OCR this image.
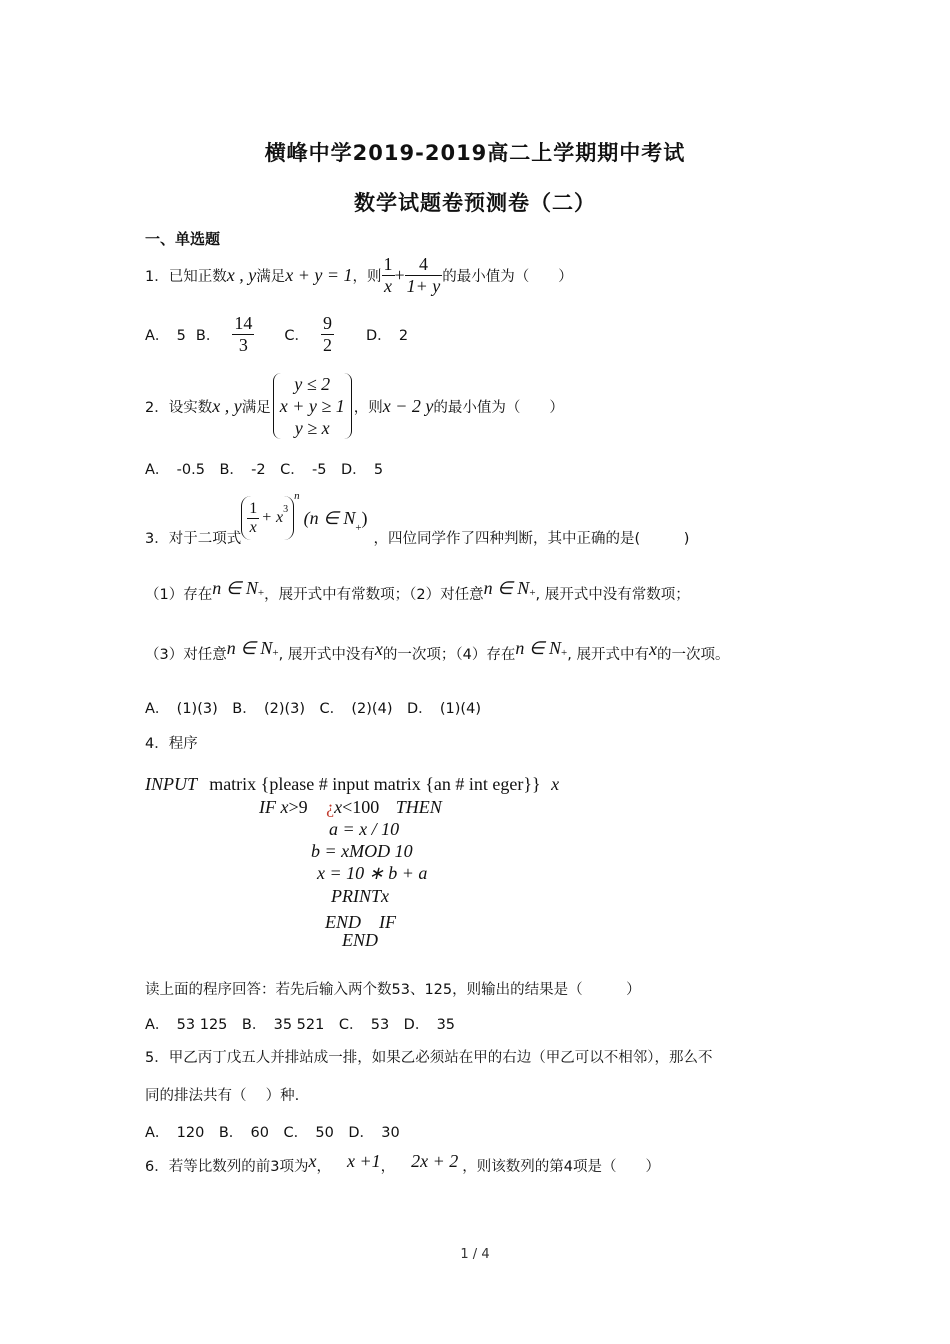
横峰中学2019-2019高二上学期期中考试
数学试题卷预测卷（二）
一、单选题
1． 已知正数 x , y 满足 x + y = 1 ，则 $\frac{1}{x} + \frac{4}{1+ y}$ 的最小值为（　　）
A．　5 B． $\frac{14}{3}$ C． $\frac{9}{2}$ D．　2
2． 设实数 x , y 满足
y ≤ 2
x + y ≥ 1
y ≥ x
，则 x − 2 y 的最小值为（　　）
A．　-0.5　B．　-2　C．　-5　D．　5
3． 对于二项式
$\frac{1}{x} + x$ 3
n
(n ∈ N
+
)
，四位同学作了四种判断，其中正确的是(　　　)
（1）存在 n ∈ N + ，展开式中有常数项；（2）对任意 n ∈ N + , 展开式中没有常数项；
（3）对任意 n ∈ N + , 展开式中没有 x 的一次项；（4）存在 n ∈ N + , 展开式中有 x 的一次项。
A．　(1)(3)　B．　(2)(3)　C．　(2)(4)　D．　(1)(4)
4．程序
INPUT matrix {please # input matrix {an # int eger}} x
IF x>9 ¿x<100 THEN
a = x / 10
b = xMOD 10
x = 10 ∗ b + a
PRINTx
END　IF
END
读上面的程序回答：若先后输入两个数53、125，则输出的结果是（　　　）
A．　53 125　B．　35 521　C．　53　D．　35
5．甲乙丙丁戊五人并排站成一排，如果乙必须站在甲的右边（甲乙可以不相邻），那么不
同的排法共有（　 ）种.
A．　120　B．　60　C．　50　D．　30
6．若等比数列的前3项为 x ， x +1 ， 2x + 2 ，则该数列的第4项是（　　）
1 / 4
